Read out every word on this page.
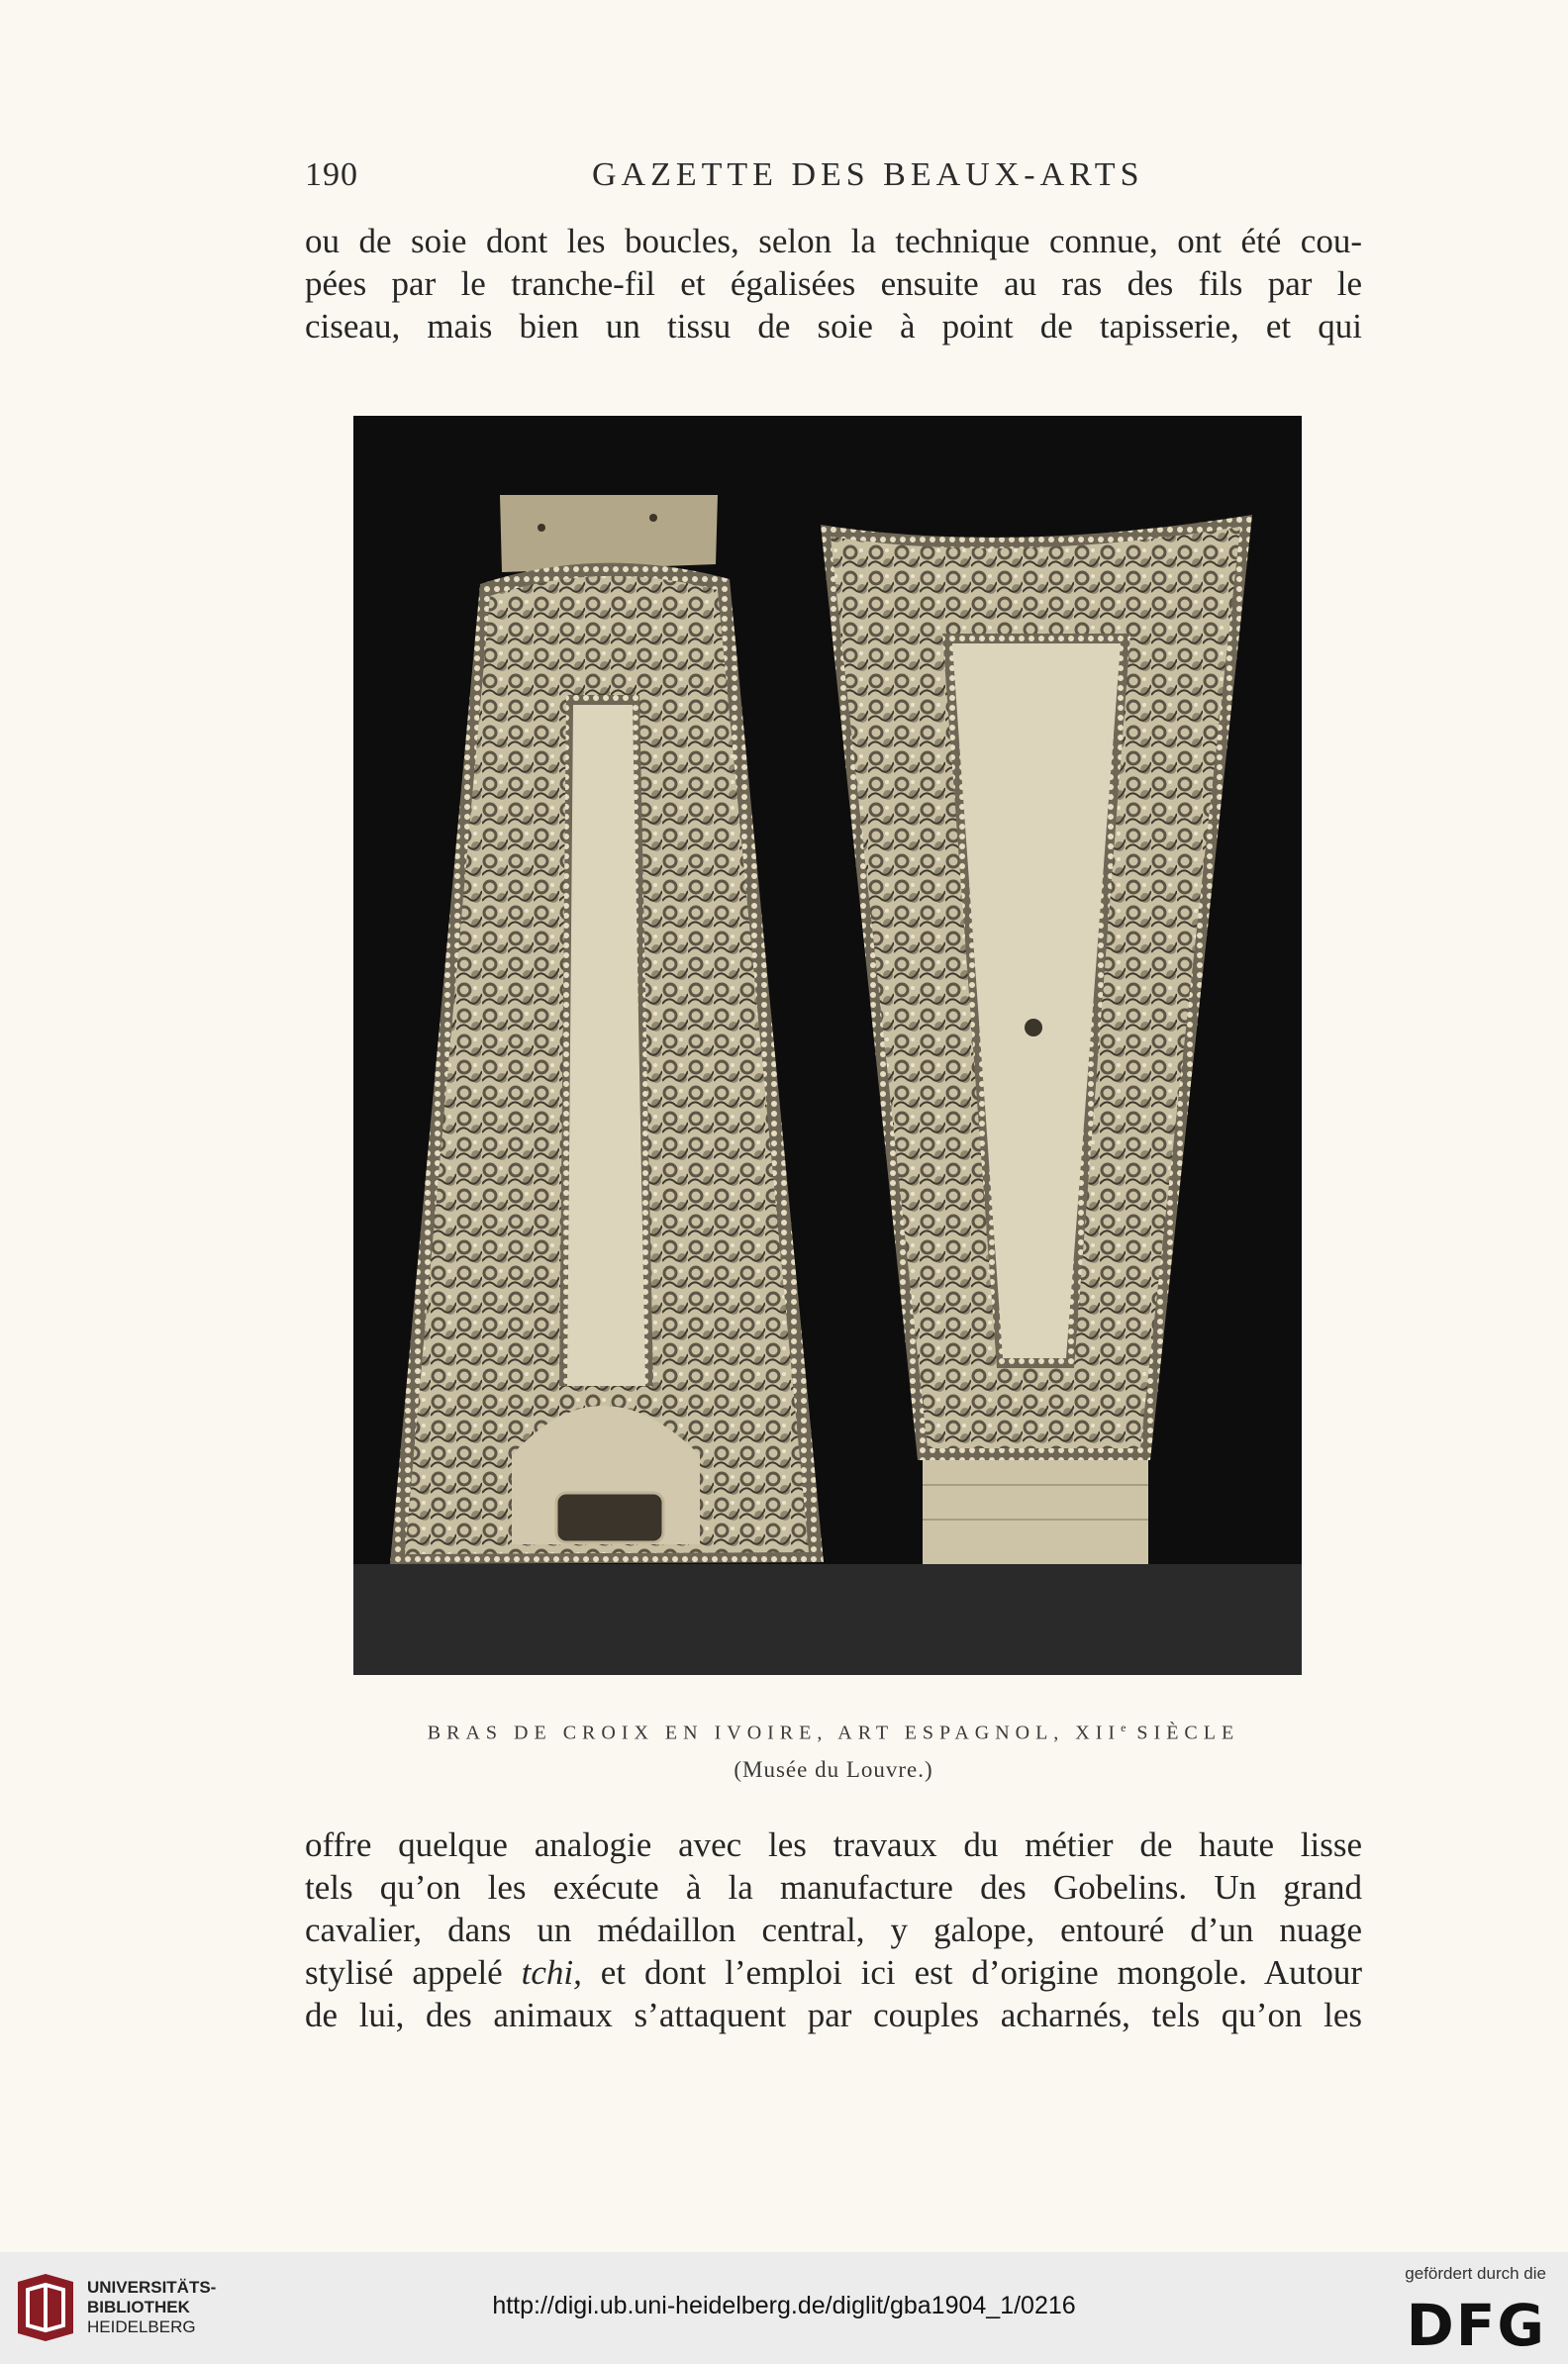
190	GAZETTE DES BEAUX-ARTS

ou de soie dont les boucles, selon la technique connue, ont été cou-
pées par le tranche-fil et égalisées ensuite au ras des fils par le
ciseau, mais bien un tissu de soie à point de tapisserie, et qui

BRAS DE CROIX EN IVOIRE, ART ESPAGNOL, XIIe SIÈCLE
(Musée du Louvre.)

offre quelque analogie avec les travaux du métier de haute lisse
tels qu’on les exécute à la manufacture des Gobelins. Un grand
cavalier, dans un médaillon central, y galope, entouré d’un nuage
stylisé appelé tchi, et dont l’emploi ici est d’origine mongole. Autour
de lui, des animaux s’attaquent par couples acharnés, tels qu’on les

UNIVERSITÄTS-
BIBLIOTHEK
HEIDELBERG
http://digi.ub.uni-heidelberg.de/diglit/gba1904_1/0216
gefördert durch die
DFG
